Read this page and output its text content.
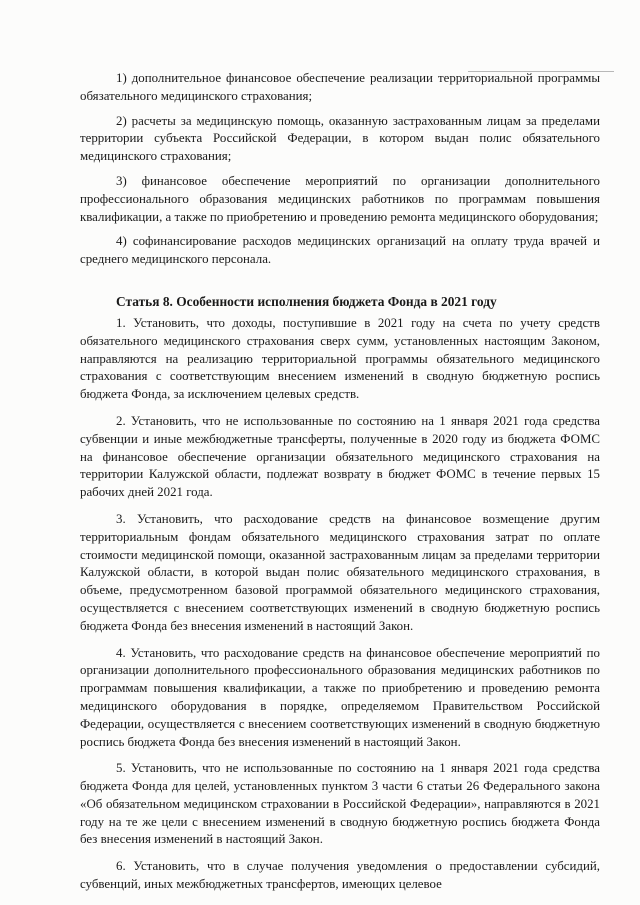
1) дополнительное финансовое обеспечение реализации территориальной программы обязательного медицинского страхования;

2) расчеты за медицинскую помощь, оказанную застрахованным лицам за пределами территории субъекта Российской Федерации, в котором выдан полис обязательного медицинского страхования;

3) финансовое обеспечение мероприятий по организации дополнительного профессионального образования медицинских работников по программам повышения квалификации, а также по приобретению и проведению ремонта медицинского оборудования;

4) софинансирование расходов медицинских организаций на оплату труда врачей и среднего медицинского персонала.

Статья 8. Особенности исполнения бюджета Фонда в 2021 году

1. Установить, что доходы, поступившие в 2021 году на счета по учету средств обязательного медицинского страхования сверх сумм, установленных настоящим Законом, направляются на реализацию территориальной программы обязательного медицинского страхования с соответствующим внесением изменений в сводную бюджетную роспись бюджета Фонда, за исключением целевых средств.

2. Установить, что не использованные по состоянию на 1 января 2021 года средства субвенции и иные межбюджетные трансферты, полученные в 2020 году из бюджета ФОМС на финансовое обеспечение организации обязательного медицинского страхования на территории Калужской области, подлежат возврату в бюджет ФОМС в течение первых 15 рабочих дней 2021 года.

3. Установить, что расходование средств на финансовое возмещение другим территориальным фондам обязательного медицинского страхования затрат по оплате стоимости медицинской помощи, оказанной застрахованным лицам за пределами территории Калужской области, в которой выдан полис обязательного медицинского страхования, в объеме, предусмотренном базовой программой обязательного медицинского страхования, осуществляется с внесением соответствующих изменений в сводную бюджетную роспись бюджета Фонда без внесения изменений в настоящий Закон.

4. Установить, что расходование средств на финансовое обеспечение мероприятий по организации дополнительного профессионального образования медицинских работников по программам повышения квалификации, а также по приобретению и проведению ремонта медицинского оборудования в порядке, определяемом Правительством Российской Федерации, осуществляется с внесением соответствующих изменений в сводную бюджетную роспись бюджета Фонда без внесения изменений в настоящий Закон.

5. Установить, что не использованные по состоянию на 1 января 2021 года средства бюджета Фонда для целей, установленных пунктом 3 части 6 статьи 26 Федерального закона «Об обязательном медицинском страховании в Российской Федерации», направляются в 2021 году на те же цели с внесением изменений в сводную бюджетную роспись бюджета Фонда без внесения изменений в настоящий Закон.

6. Установить, что в случае получения уведомления о предоставлении субсидий, субвенций, иных межбюджетных трансфертов, имеющих целевое
